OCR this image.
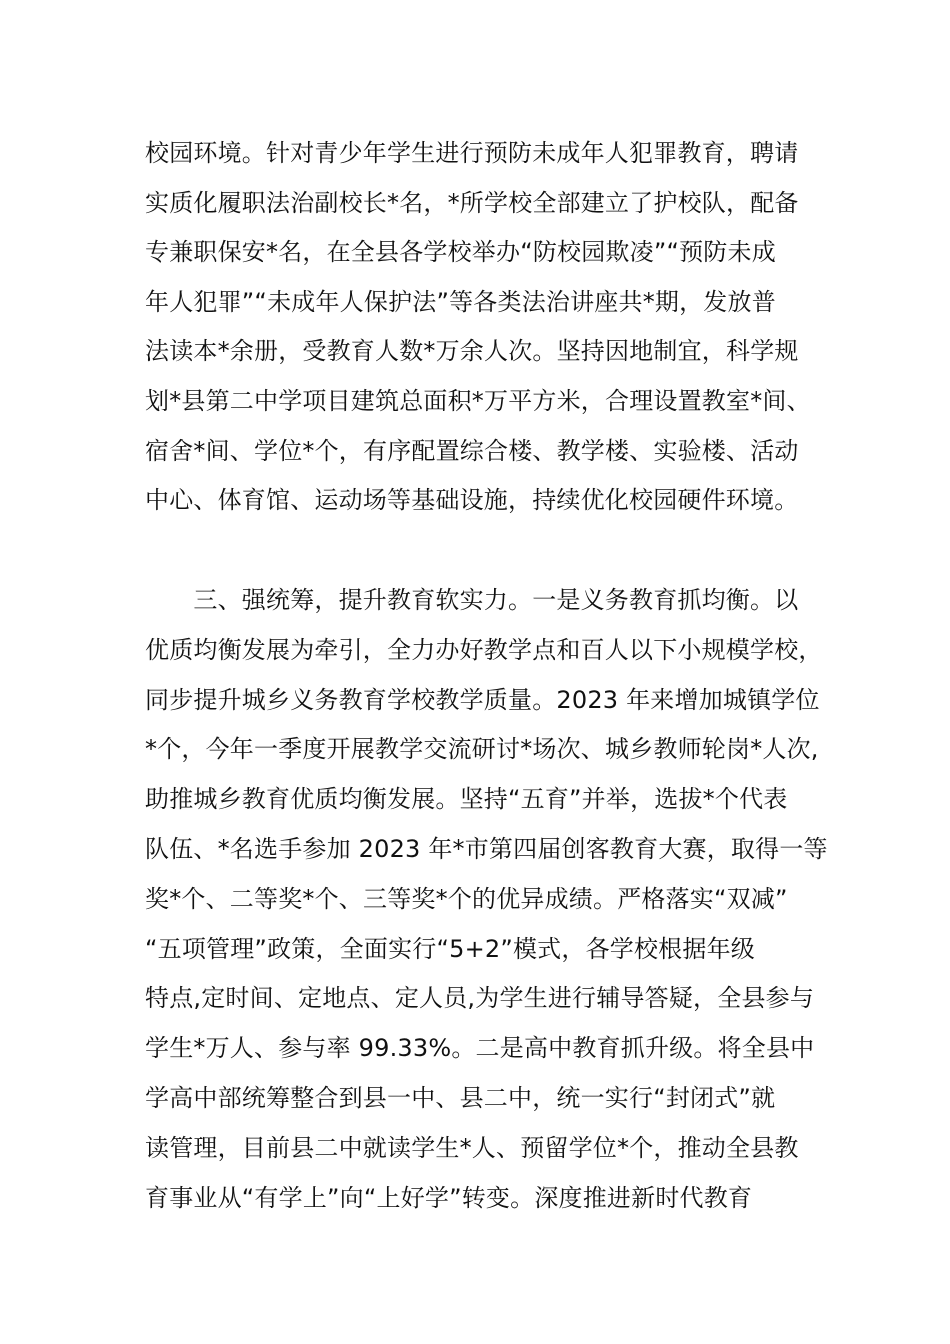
校园环境。针对青少年学生进行预防未成年人犯罪教育，聘请
实质化履职法治副校长*名，*所学校全部建立了护校队，配备
专兼职保安*名，在全县各学校举办“防校园欺凌”“预防未成
年人犯罪”“未成年人保护法”等各类法治讲座共*期，发放普
法读本*余册，受教育人数*万余人次。坚持因地制宜，科学规
划*县第二中学项目建筑总面积*万平方米，合理设置教室*间、
宿舍*间、学位*个，有序配置综合楼、教学楼、实验楼、活动
中心、体育馆、运动场等基础设施，持续优化校园硬件环境。
　　三、强统筹，提升教育软实力。一是义务教育抓均衡。以
优质均衡发展为牵引，全力办好教学点和百人以下小规模学校，
同步提升城乡义务教育学校教学质量。2023 年来增加城镇学位
*个，今年一季度开展教学交流研讨*场次、城乡教师轮岗*人次,
助推城乡教育优质均衡发展。坚持“五育”并举，选拔*个代表
队伍、*名选手参加 2023 年*市第四届创客教育大赛，取得一等
奖*个、二等奖*个、三等奖*个的优异成绩。严格落实“双减”
“五项管理”政策，全面实行“5+2”模式，各学校根据年级
特点,定时间、定地点、定人员,为学生进行辅导答疑，全县参与
学生*万人、参与率 99.33%。二是高中教育抓升级。将全县中
学高中部统筹整合到县一中、县二中，统一实行“封闭式”就
读管理，目前县二中就读学生*人、预留学位*个，推动全县教
育事业从“有学上”向“上好学”转变。深度推进新时代教育
